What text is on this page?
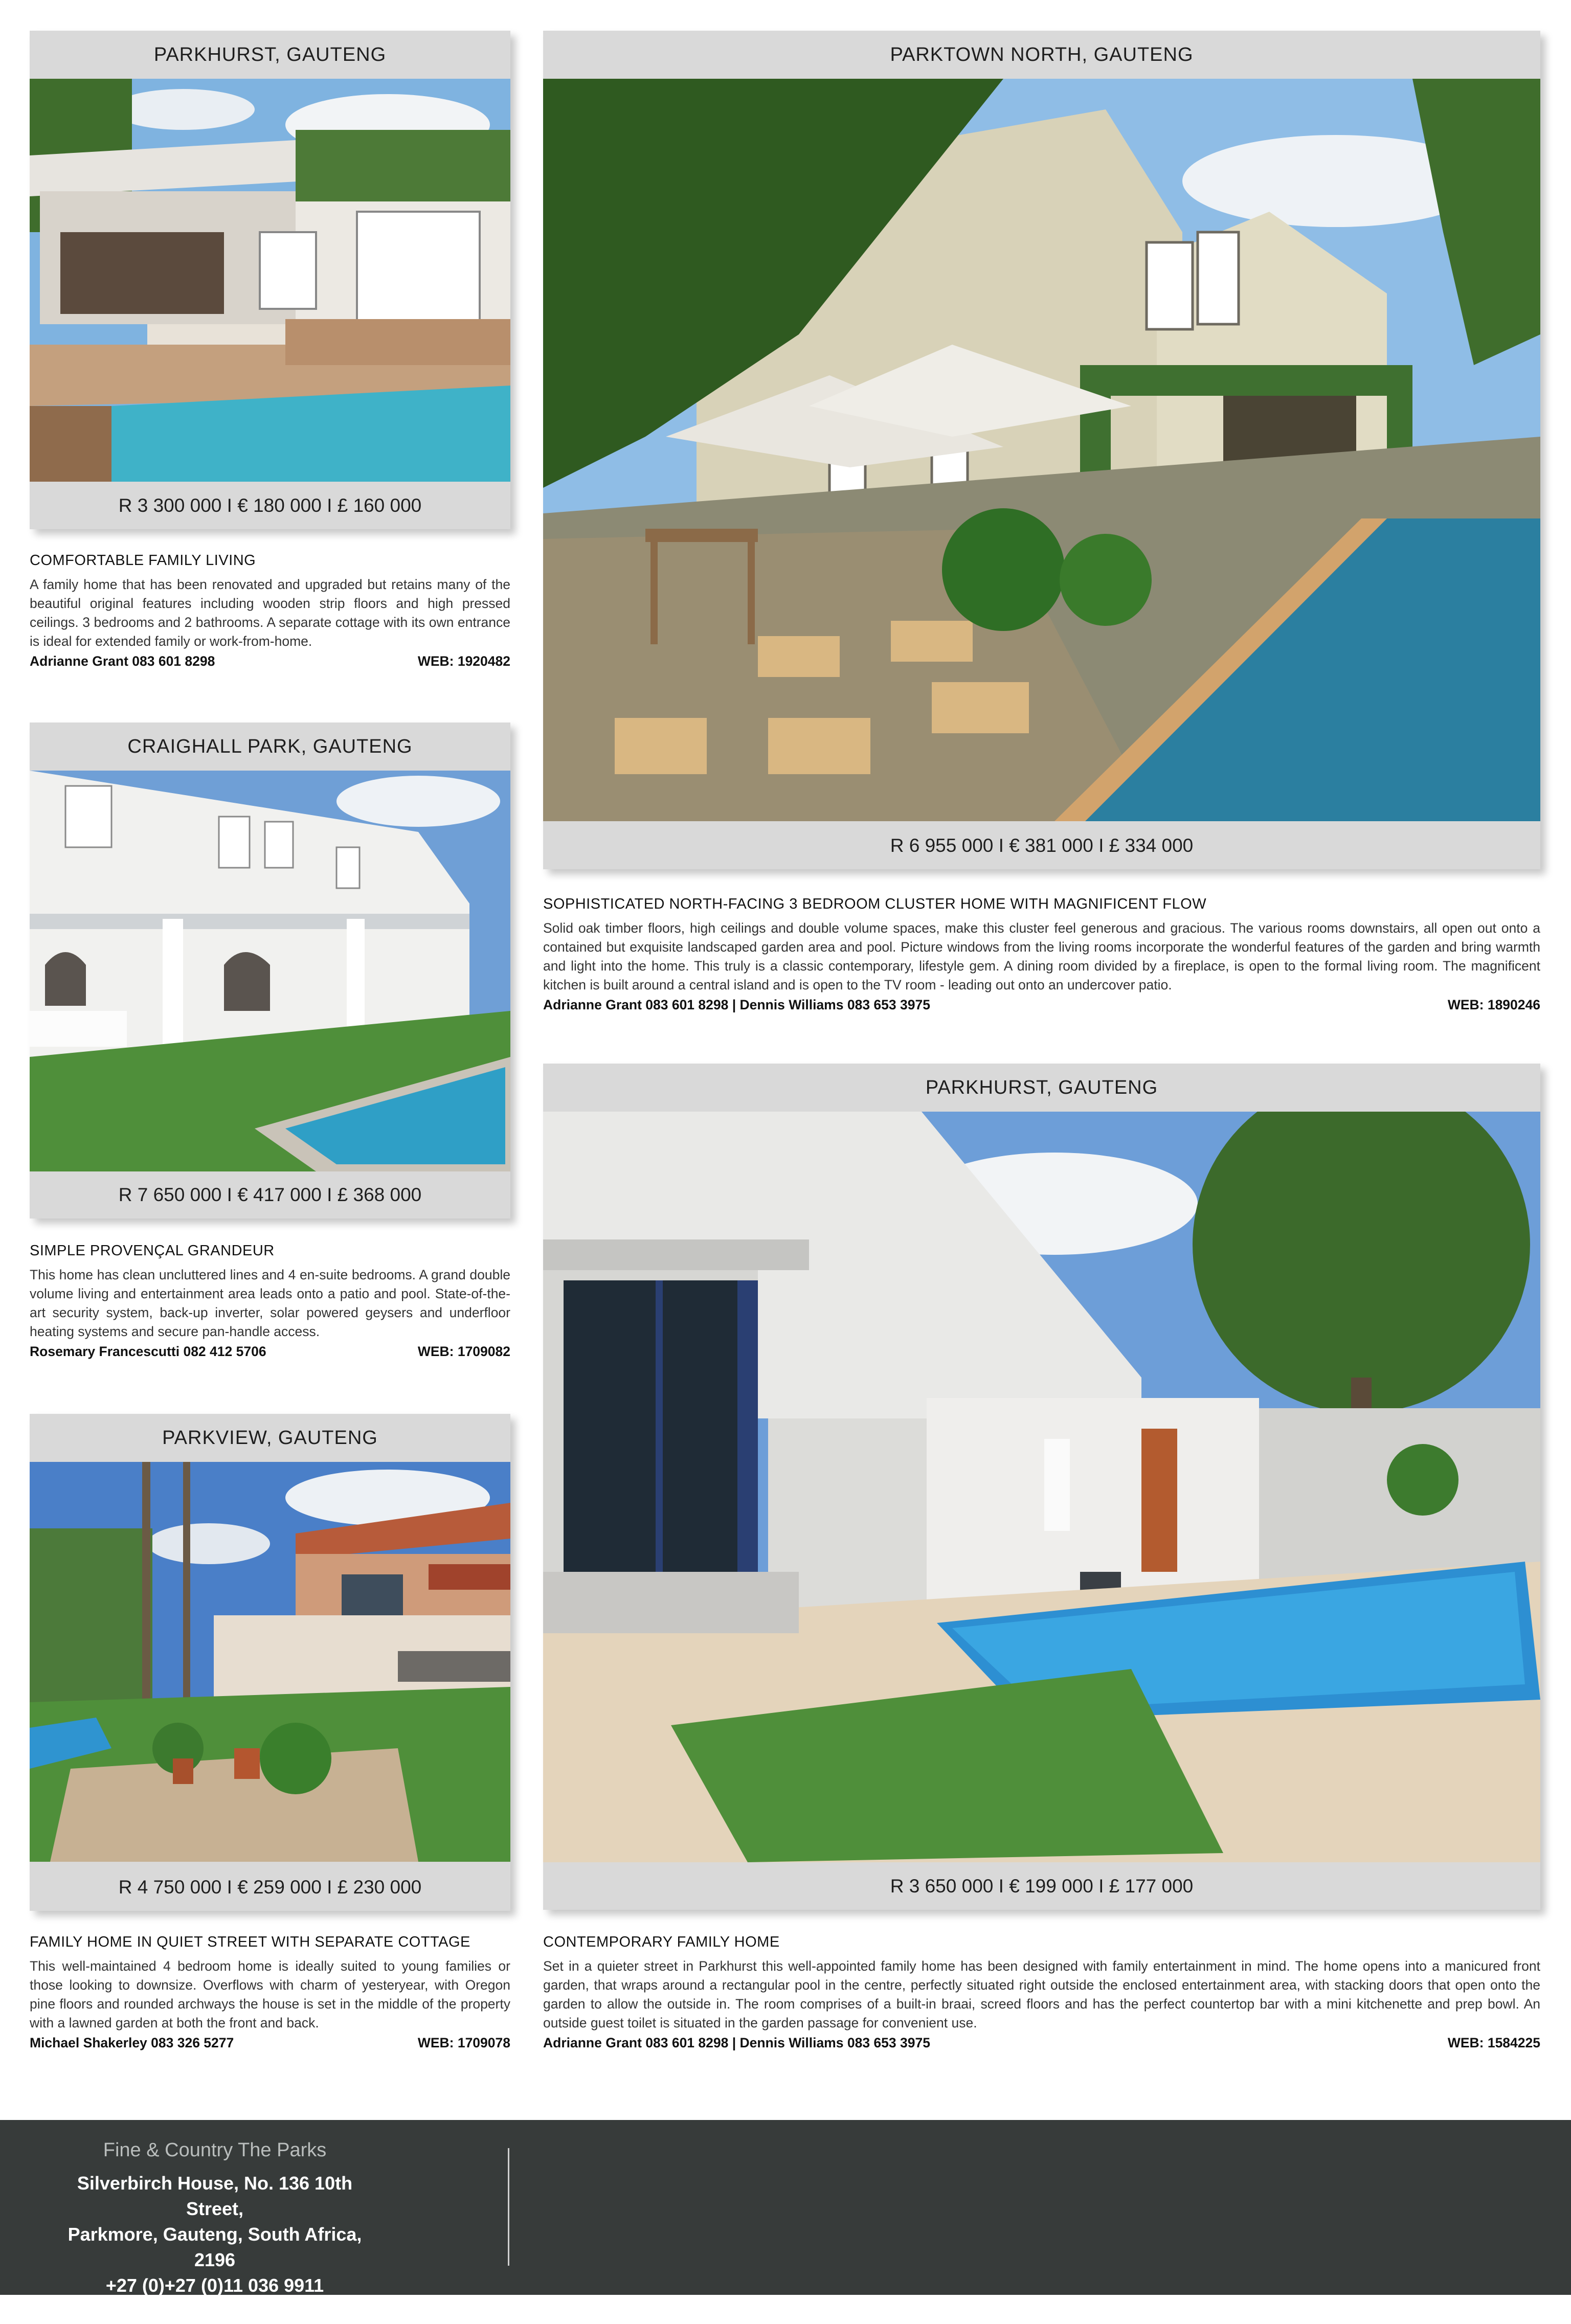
PARKHURST, GAUTENG
R 3 300 000 I € 180 000 I £ 160 000
COMFORTABLE FAMILY LIVING

A family home that has been renovated and upgraded but retains many of the beautiful original features including wooden strip floors and high pressed ceilings. 3 bedrooms and 2 bathrooms. A separate cottage with its own entrance is ideal for extended family or work-from-home.

Adrianne Grant 083 601 8298	WEB: 1920482
CRAIGHALL PARK, GAUTENG
R 7 650 000 I € 417 000 I £ 368 000
SIMPLE PROVENÇAL GRANDEUR

This home has clean uncluttered lines and 4 en-suite bedrooms. A grand double volume living and entertainment area leads onto a patio and pool. State-of-the-art security system, back-up inverter, solar powered geysers and underfloor heating systems and secure pan-handle access.

Rosemary Francescutti 082 412 5706	WEB: 1709082
PARKVIEW, GAUTENG
R 4 750 000 I € 259 000 I £ 230 000
FAMILY HOME IN QUIET STREET WITH SEPARATE COTTAGE

This well-maintained 4 bedroom home is ideally suited to young families or those looking to downsize. Overflows with charm of yesteryear, with Oregon pine floors and rounded archways the house is set in the middle of the property with a lawned garden at both the front and back.

Michael Shakerley 083 326 5277	WEB: 1709078
PARKTOWN NORTH, GAUTENG
R 6 955 000 I € 381 000 I £ 334 000
SOPHISTICATED NORTH-FACING 3 BEDROOM CLUSTER HOME WITH MAGNIFICENT FLOW

Solid oak timber floors, high ceilings and double volume spaces, make this cluster feel generous and gracious. The various rooms downstairs, all open out onto a contained but exquisite landscaped garden area and pool. Picture windows from the living rooms incorporate the wonderful features of the garden and bring warmth and light into the home. This truly is a classic contemporary, lifestyle gem. A dining room divided by a fireplace, is open to the formal living room. The magnificent kitchen is built around a central island and is open to the TV room - leading out onto an undercover patio.

Adrianne Grant 083 601 8298 | Dennis Williams 083 653 3975	WEB: 1890246
PARKHURST, GAUTENG
R 3 650 000 I € 199 000 I £ 177 000
CONTEMPORARY FAMILY HOME

Set in a quieter street in Parkhurst this well-appointed family home has been designed with family entertainment in mind. The home opens into a manicured front garden, that wraps around a rectangular pool in the centre, perfectly situated right outside the enclosed entertainment area, with stacking doors that open onto the garden to allow the outside in. The room comprises of a built-in braai, screed floors and has the perfect countertop bar with a mini kitchenette and prep bowl. An outside guest toilet is situated in the garden passage for convenient use.

Adrianne Grant 083 601 8298 | Dennis Williams 083 653 3975	WEB: 1584225
Fine & Country The Parks
Silverbirch House, No. 136 10th Street,
Parkmore, Gauteng, South Africa, 2196
+27 (0)+27 (0)11 036 9911
theparks@fineandcountry.com
